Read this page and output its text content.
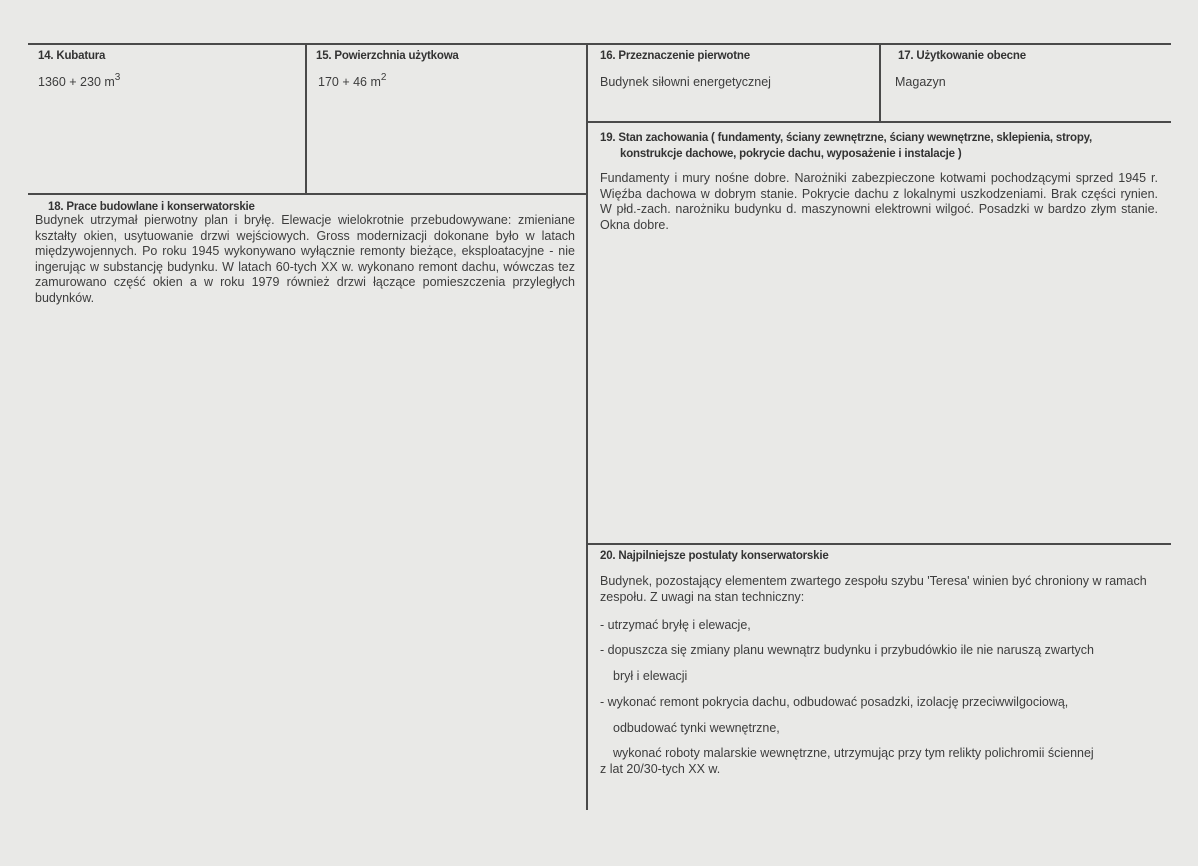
14. Kubatura
1360 + 230 $m^3$
15. Powierzchnia użytkowa
170 + 46 $m^2$
16. Przeznaczenie pierwotne
Budynek siłowni energetycznej
17. Użytkowanie obecne
Magazyn
18. Prace budowlane i konserwatorskie
Budynek utrzymał pierwotny plan i bryłę. Elewacje wielokrotnie przebudowywane: zmieniane kształty okien, usytuowanie drzwi wejściowych. Gross modernizacji dokonane było w latach międzywojennych. Po roku 1945 wykonywano wyłącznie remonty bieżące, eksploatacyjne - nie ingerując w substancję budynku. W latach 60-tych XX w. wykonano remont dachu, wówczas tez zamurowano część okien a w roku 1979 również drzwi łączące pomieszczenia przyległych budynków.
19. Stan zachowania ( fundamenty, ściany zewnętrzne, ściany wewnętrzne, sklepienia, stropy,
konstrukcje dachowe, pokrycie dachu, wyposażenie i instalacje )
Fundamenty i mury nośne dobre. Narożniki zabezpieczone kotwami pochodzącymi sprzed 1945 r. Więźba dachowa w dobrym stanie. Pokrycie dachu z lokalnymi uszkodzeniami. Brak części rynien. W płd.-zach. narożniku budynku d. maszynowni elektrowni wilgoć. Posadzki w bardzo złym stanie. Okna dobre.
20. Najpilniejsze postulaty konserwatorskie
Budynek, pozostający elementem zwartego zespołu szybu 'Teresa' winien być chroniony w ramach zespołu. Z uwagi na stan techniczny:
- utrzymać bryłę i elewacje,
- dopuszcza się zmiany planu wewnątrz budynku i przybudówkio ile nie naruszą zwartych
brył i elewacji
- wykonać remont pokrycia dachu, odbudować posadzki, izolację przeciwwilgociową,
odbudować tynki wewnętrzne,
wykonać roboty malarskie wewnętrzne, utrzymując przy tym relikty polichromii ściennej
z lat 20/30-tych XX w.
